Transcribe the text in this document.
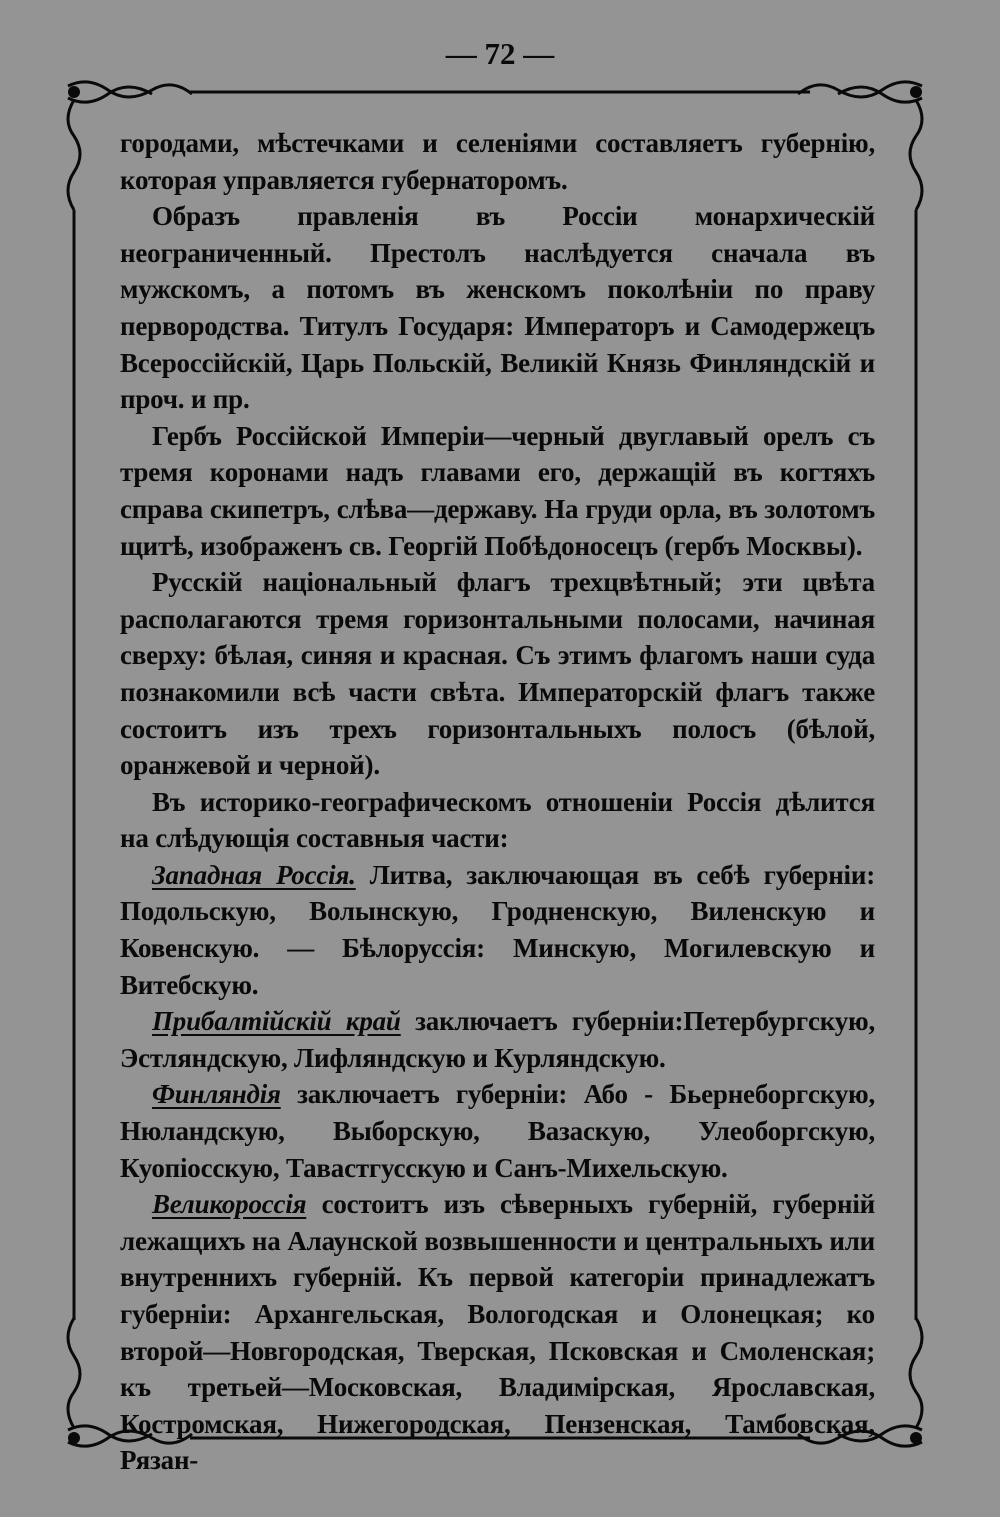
— 72 —

городами, мѣстечками и селеніями составляетъ губернію, которая управляется губернаторомъ.

Образъ правленія въ Россіи монархическій неограниченный. Престолъ наслѣдуется сначала въ мужскомъ, а потомъ въ женскомъ поколѣніи по праву первородства. Титулъ Государя: Императоръ и Самодержецъ Всероссійскій, Царь Польскій, Великій Князь Финляндскій и проч. и пр.

Гербъ Россійской Имперіи—черный двуглавый орелъ съ тремя коронами надъ главами его, держащій въ когтяхъ справа скипетръ, слѣва—державу. На груди орла, въ золотомъ щитѣ, изображенъ св. Георгій Побѣдоносецъ (гербъ Москвы).

Русскій національный флагъ трехцвѣтный; эти цвѣта располагаются тремя горизонтальными полосами, начиная сверху: бѣлая, синяя и красная. Съ этимъ флагомъ наши суда познакомили всѣ части свѣта. Императорскій флагъ также состоитъ изъ трехъ горизонтальныхъ полосъ (бѣлой, оранжевой и черной).

Въ историко-географическомъ отношеніи Россія дѣлится на слѣдующія составныя части:

Западная Россія. Литва, заключающая въ себѣ губерніи: Подольскую, Волынскую, Гродненскую, Виленскую и Ковенскую. — Бѣлоруссія: Минскую, Могилевскую и Витебскую.

Прибалтійскій край заключаетъ губерніи:Петербургскую, Эстляндскую, Лифляндскую и Курляндскую.

Финляндія заключаетъ губерніи: Або - Бьернеборгскую, Нюландскую, Выборскую, Вазаскую, Улеоборгскую, Куопіосскую, Тавастгусскую и Санъ-Михельскую.

Великороссія состоитъ изъ сѣверныхъ губерній, губерній лежащихъ на Алаунской возвышенности и центральныхъ или внутреннихъ губерній. Къ первой категоріи принадлежатъ губерніи: Архангельская, Вологодская и Олонецкая; ко второй—Новгородская, Тверская, Псковская и Смоленская; къ третьей—Московская, Владимірская, Ярославская, Костромская, Нижегородская, Пензенская, Тамбовская, Рязан-
